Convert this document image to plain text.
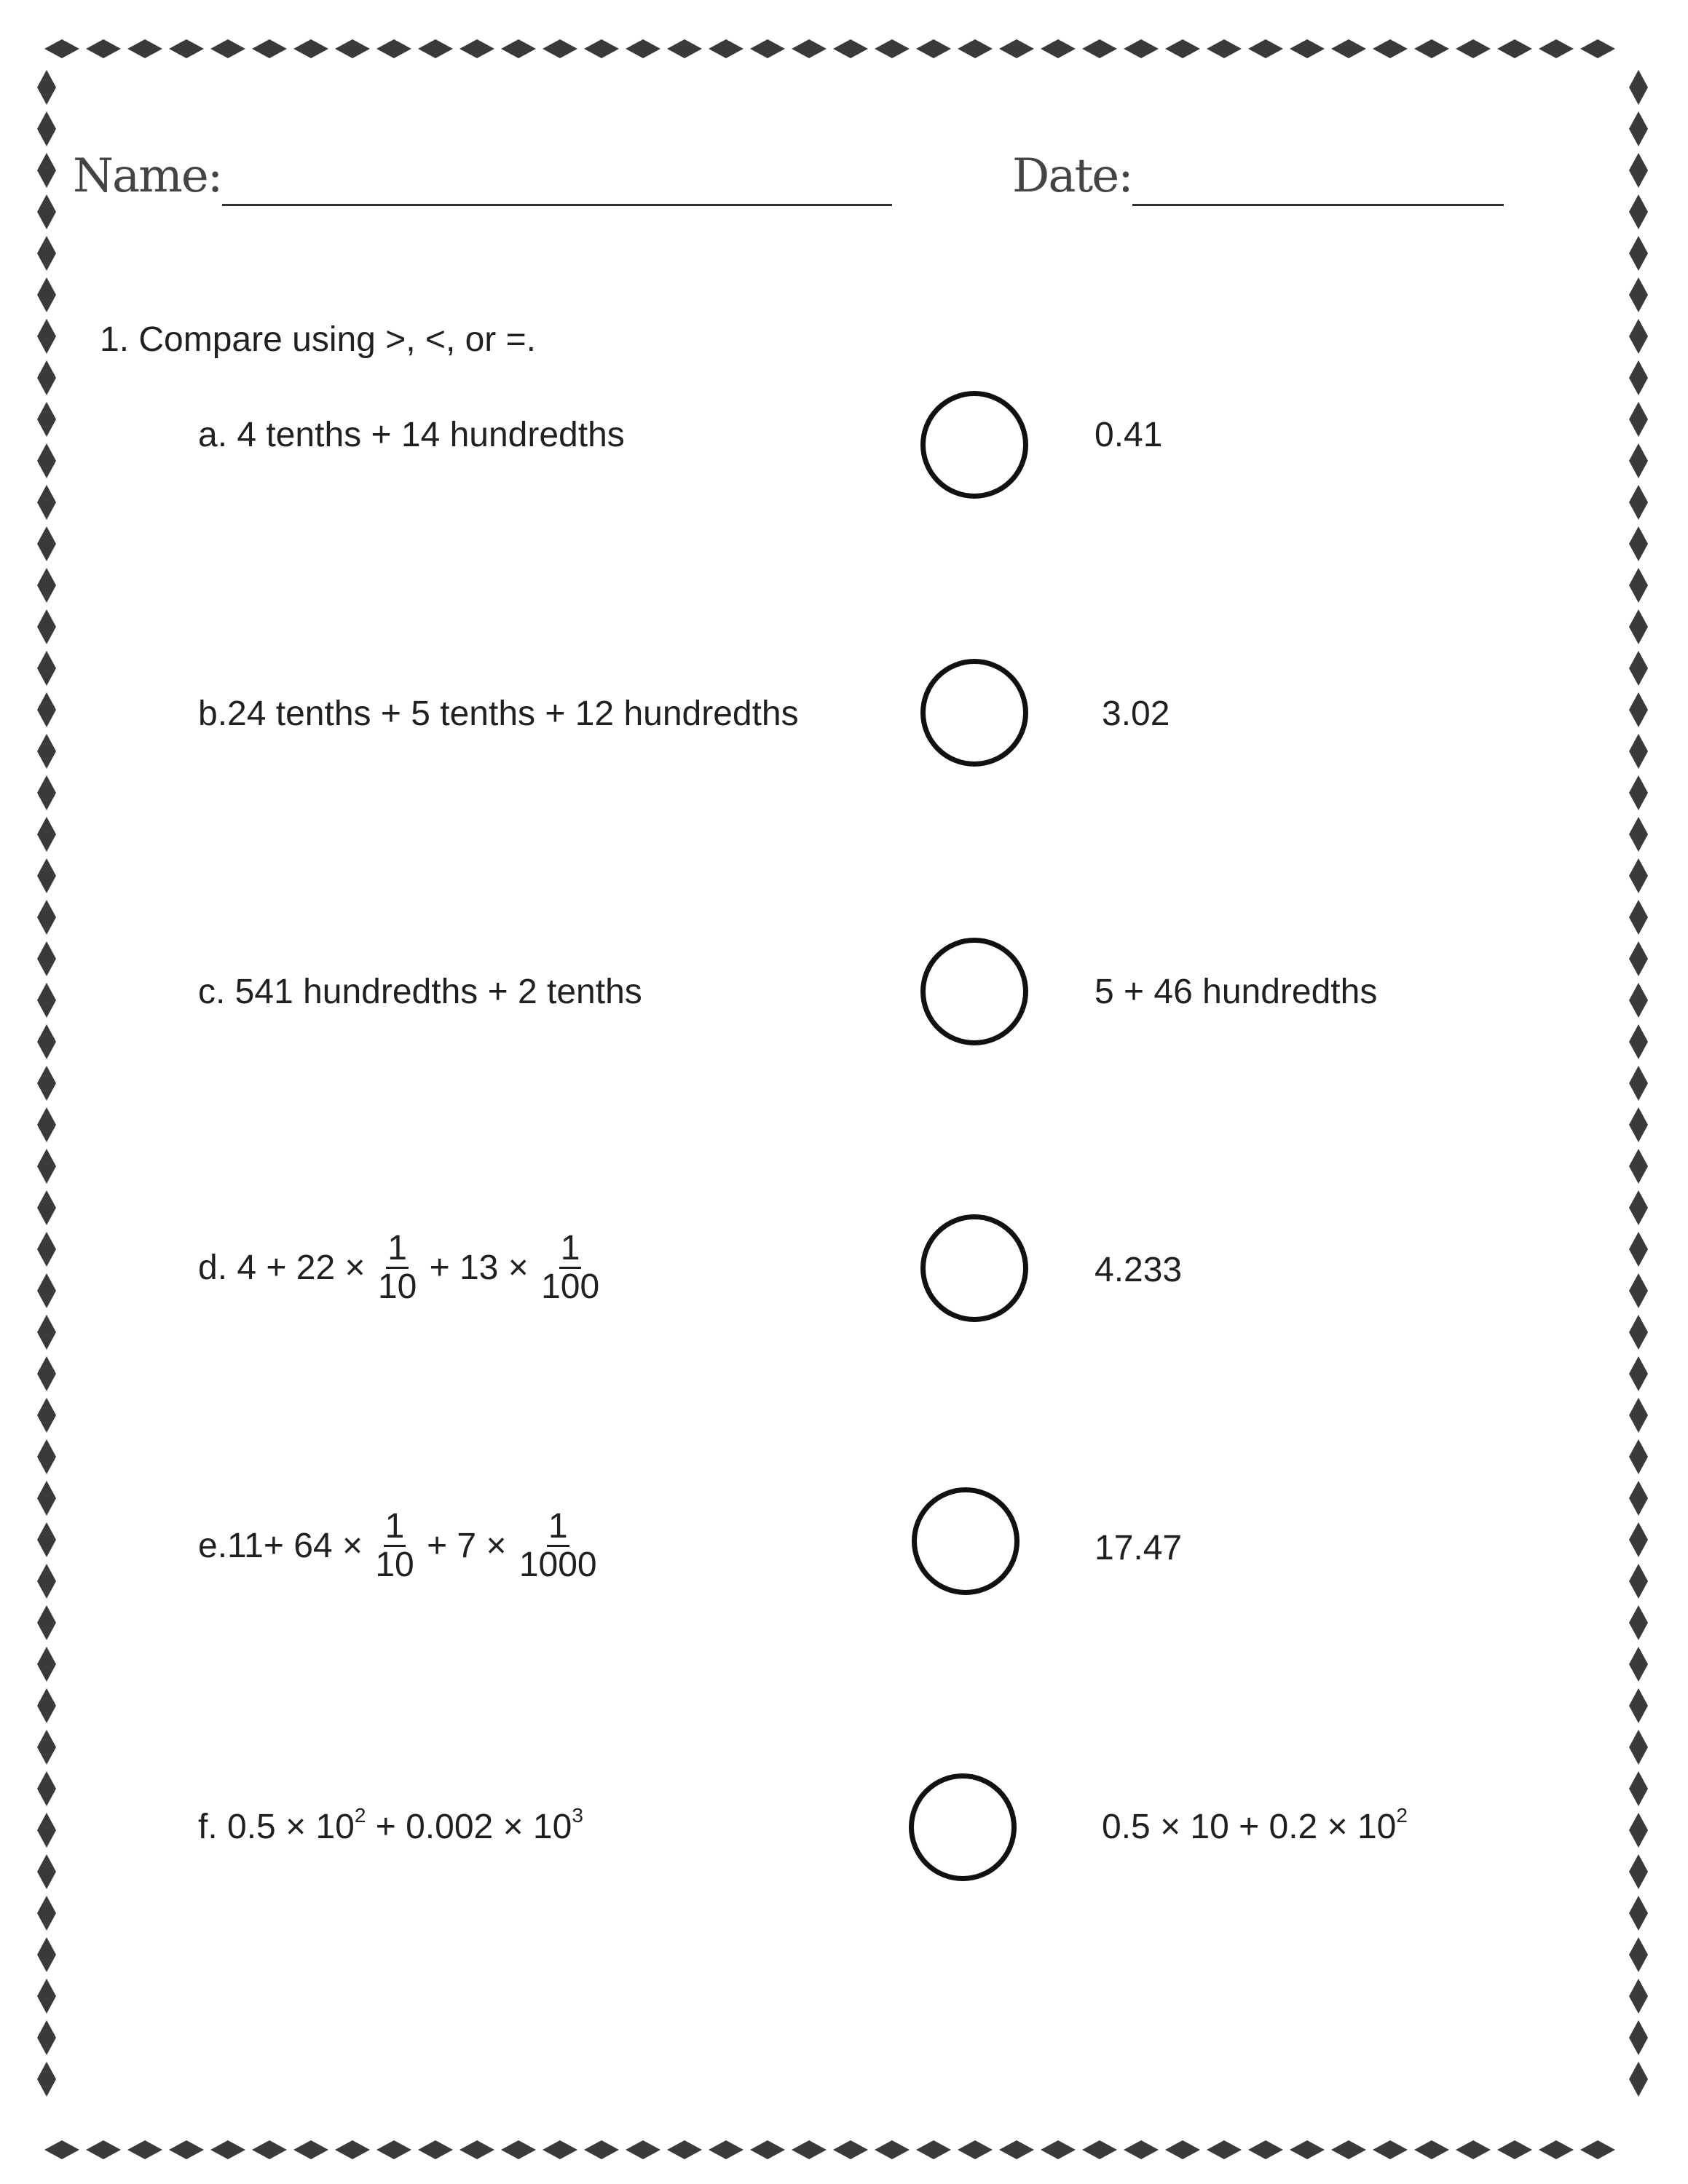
Name:	Date:
1. Compare using >, <, or =.
a. 4 tenths + 14 hundredths	0.41
b.24 tenths + 5 tenths + 12 hundredths	3.02
c. 541 hundredths + 2 tenths	5 + 46 hundredths
d. $4 + 22 \times \frac{1}{10} + 13 \times \frac{1}{100}$	4.233
$e.11+ 64 \times \frac{1}{10} + 7 \times \frac{1}{1000}$	17.47
f. $0.5 \times 10^2 + 0.002 \times 10^3$	$0.5 \times 10 + 0.2 \times 10^2$
